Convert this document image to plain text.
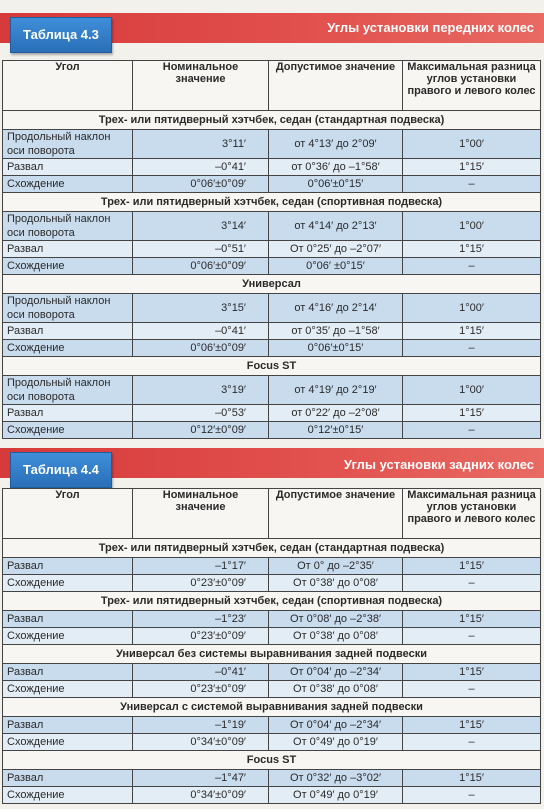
Таблица 4.3	Углы установки передних колес
Угол	Номинальное значение	Допустимое значение	Максимальная разница углов установки правого и левого колес
Трех- или пятидверный хэтчбек, седан (стандартная подвеска)			
Продольный наклон оси поворота	3°11′	от 4°13′ до 2°09′	1°00′
Развал	–0°41′	от 0°36′ до –1°58′	1°15′
Схождение	0°06′±0°09′	0°06′±0°15′	–
Трех- или пятидверный хэтчбек, седан (спортивная подвеска)			
Продольный наклон оси поворота	3°14′	от 4°14′ до 2°13′	1°00′
Развал	–0°51′	От 0°25′ до –2°07′	1°15′
Схождение	0°06′±0°09′	0°06′ ±0°15′	–
Универсал			
Продольный наклон оси поворота	3°15′	от 4°16′ до 2°14′	1°00′
Развал	–0°41′	от 0°35′ до –1°58′	1°15′
Схождение	0°06′±0°09′	0°06′±0°15′	–
Focus ST			
Продольный наклон оси поворота	3°19′	от 4°19′ до 2°19′	1°00′
Развал	–0°53′	от 0°22′ до –2°08′	1°15′
Схождение	0°12′±0°09′	0°12′±0°15′	–
Таблица 4.4	Углы установки задних колес
Угол	Номинальное значение	Допустимое значение	Максимальная разница углов установки правого и левого колес
Трех- или пятидверный хэтчбек, седан (стандартная подвеска)			
Развал	–1°17′	От 0° до –2°35′	1°15′
Схождение	0°23′±0°09′	От 0°38′ до 0°08′	–
Трех- или пятидверный хэтчбек, седан (спортивная подвеска)			
Развал	–1°23′	От 0°08′ до –2°38′	1°15′
Схождение	0°23′±0°09′	От 0°38′ до 0°08′	–
Универсал без системы выравнивания задней подвески			
Развал	–0°41′	От 0°04′ до –2°34′	1°15′
Схождение	0°23′±0°09′	От 0°38′ до 0°08′	–
Универсал с системой выравнивания задней подвески			
Развал	–1°19′	От 0°04′ до –2°34′	1°15′
Схождение	0°34′±0°09′	От 0°49′ до 0°19′	–
Focus ST			
Развал	–1°47′	От 0°32′ до –3°02′	1°15′
Схождение	0°34′±0°09′	От 0°49′ до 0°19′	–
